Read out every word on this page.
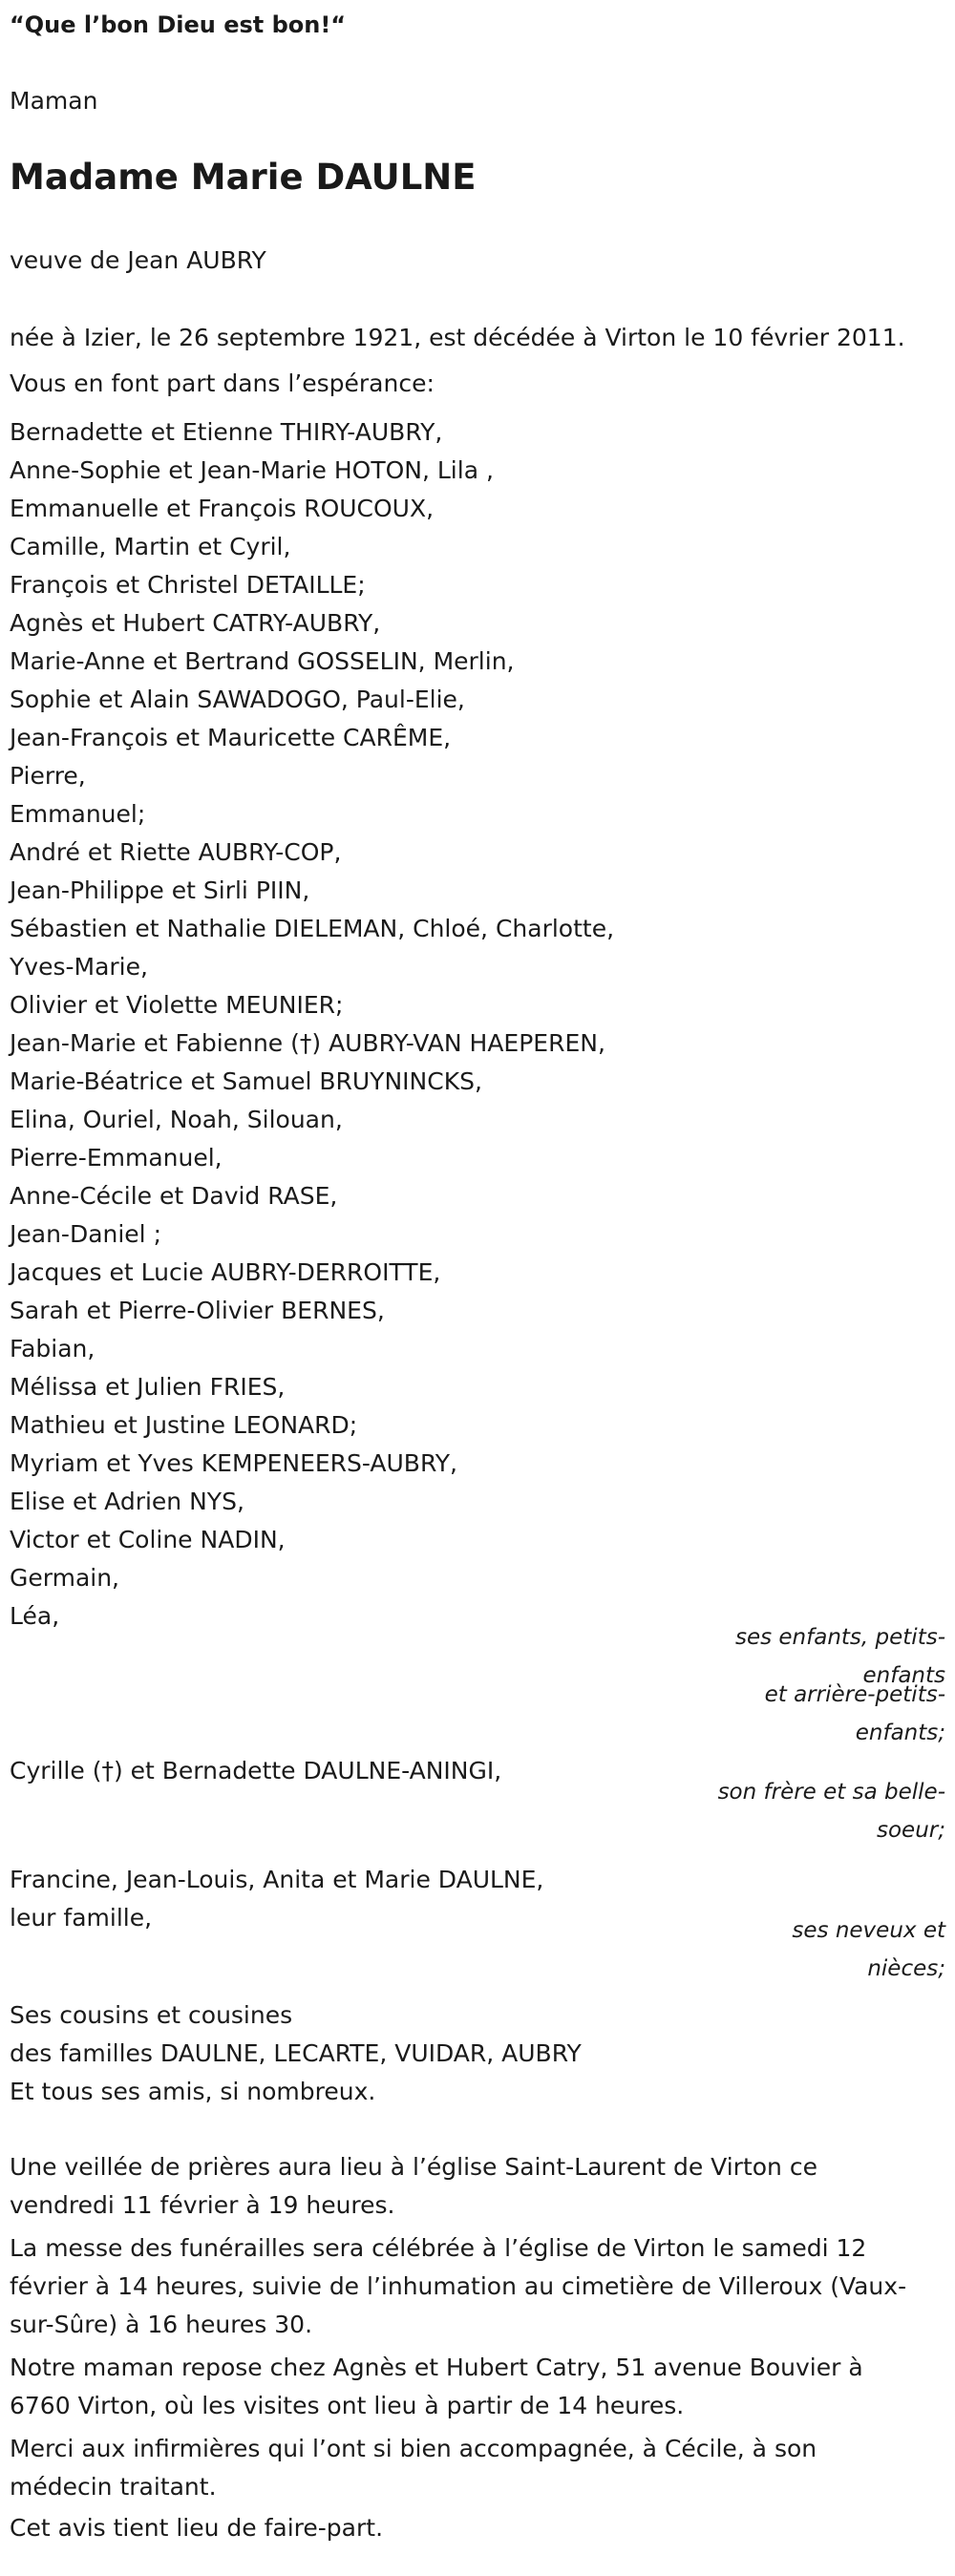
“Que l’bon Dieu est bon!“
Maman
Madame Marie DAULNE
veuve de Jean AUBRY
née à Izier, le 26 septembre 1921, est décédée à Virton le 10 février 2011.
Vous en font part dans l’espérance:
Bernadette et Etienne THIRY-AUBRY,
Anne-Sophie et Jean-Marie HOTON, Lila ,
Emmanuelle et François ROUCOUX,
Camille, Martin et Cyril,
François et Christel DETAILLE;
Agnès et Hubert CATRY-AUBRY,
Marie-Anne et Bertrand GOSSELIN, Merlin,
Sophie et Alain SAWADOGO, Paul-Elie,
Jean-François et Mauricette CARÊME,
Pierre,
Emmanuel;
André et Riette AUBRY-COP,
Jean-Philippe et Sirli PIIN,
Sébastien et Nathalie DIELEMAN, Chloé, Charlotte,
Yves-Marie,
Olivier et Violette MEUNIER;
Jean-Marie et Fabienne (†) AUBRY-VAN HAEPEREN,
Marie-Béatrice et Samuel BRUYNINCKS,
Elina, Ouriel, Noah, Silouan,
Pierre-Emmanuel,
Anne-Cécile et David RASE,
Jean-Daniel ;
Jacques et Lucie AUBRY-DERROITTE,
Sarah et Pierre-Olivier BERNES,
Fabian,
Mélissa et Julien FRIES,
Mathieu et Justine LEONARD;
Myriam et Yves KEMPENEERS-AUBRY,
Elise et Adrien NYS,
Victor et Coline NADIN,
Germain,
Léa,
ses enfants, petits-enfants
et arrière-petits-enfants;
Cyrille (†) et Bernadette DAULNE-ANINGI,
son frère et sa belle-soeur;
Francine, Jean-Louis, Anita et Marie DAULNE,
leur famille,	ses neveux et nièces;
Ses cousins et cousines
des familles DAULNE, LECARTE, VUIDAR, AUBRY
Et tous ses amis, si nombreux.
Une veillée de prières aura lieu à l’église Saint-Laurent de Virton ce vendredi 11 février à 19 heures.
La messe des funérailles sera célébrée à l’église de Virton le samedi 12 février à 14 heures, suivie de l’inhumation au cimetière de Villeroux (Vaux-sur-Sûre) à 16 heures 30.
Notre maman repose chez Agnès et Hubert Catry, 51 avenue Bouvier à 6760 Virton, où les visites ont lieu à partir de 14 heures.
Merci aux infirmières qui l’ont si bien accompagnée, à Cécile, à son médecin traitant.
Cet avis tient lieu de faire-part.
